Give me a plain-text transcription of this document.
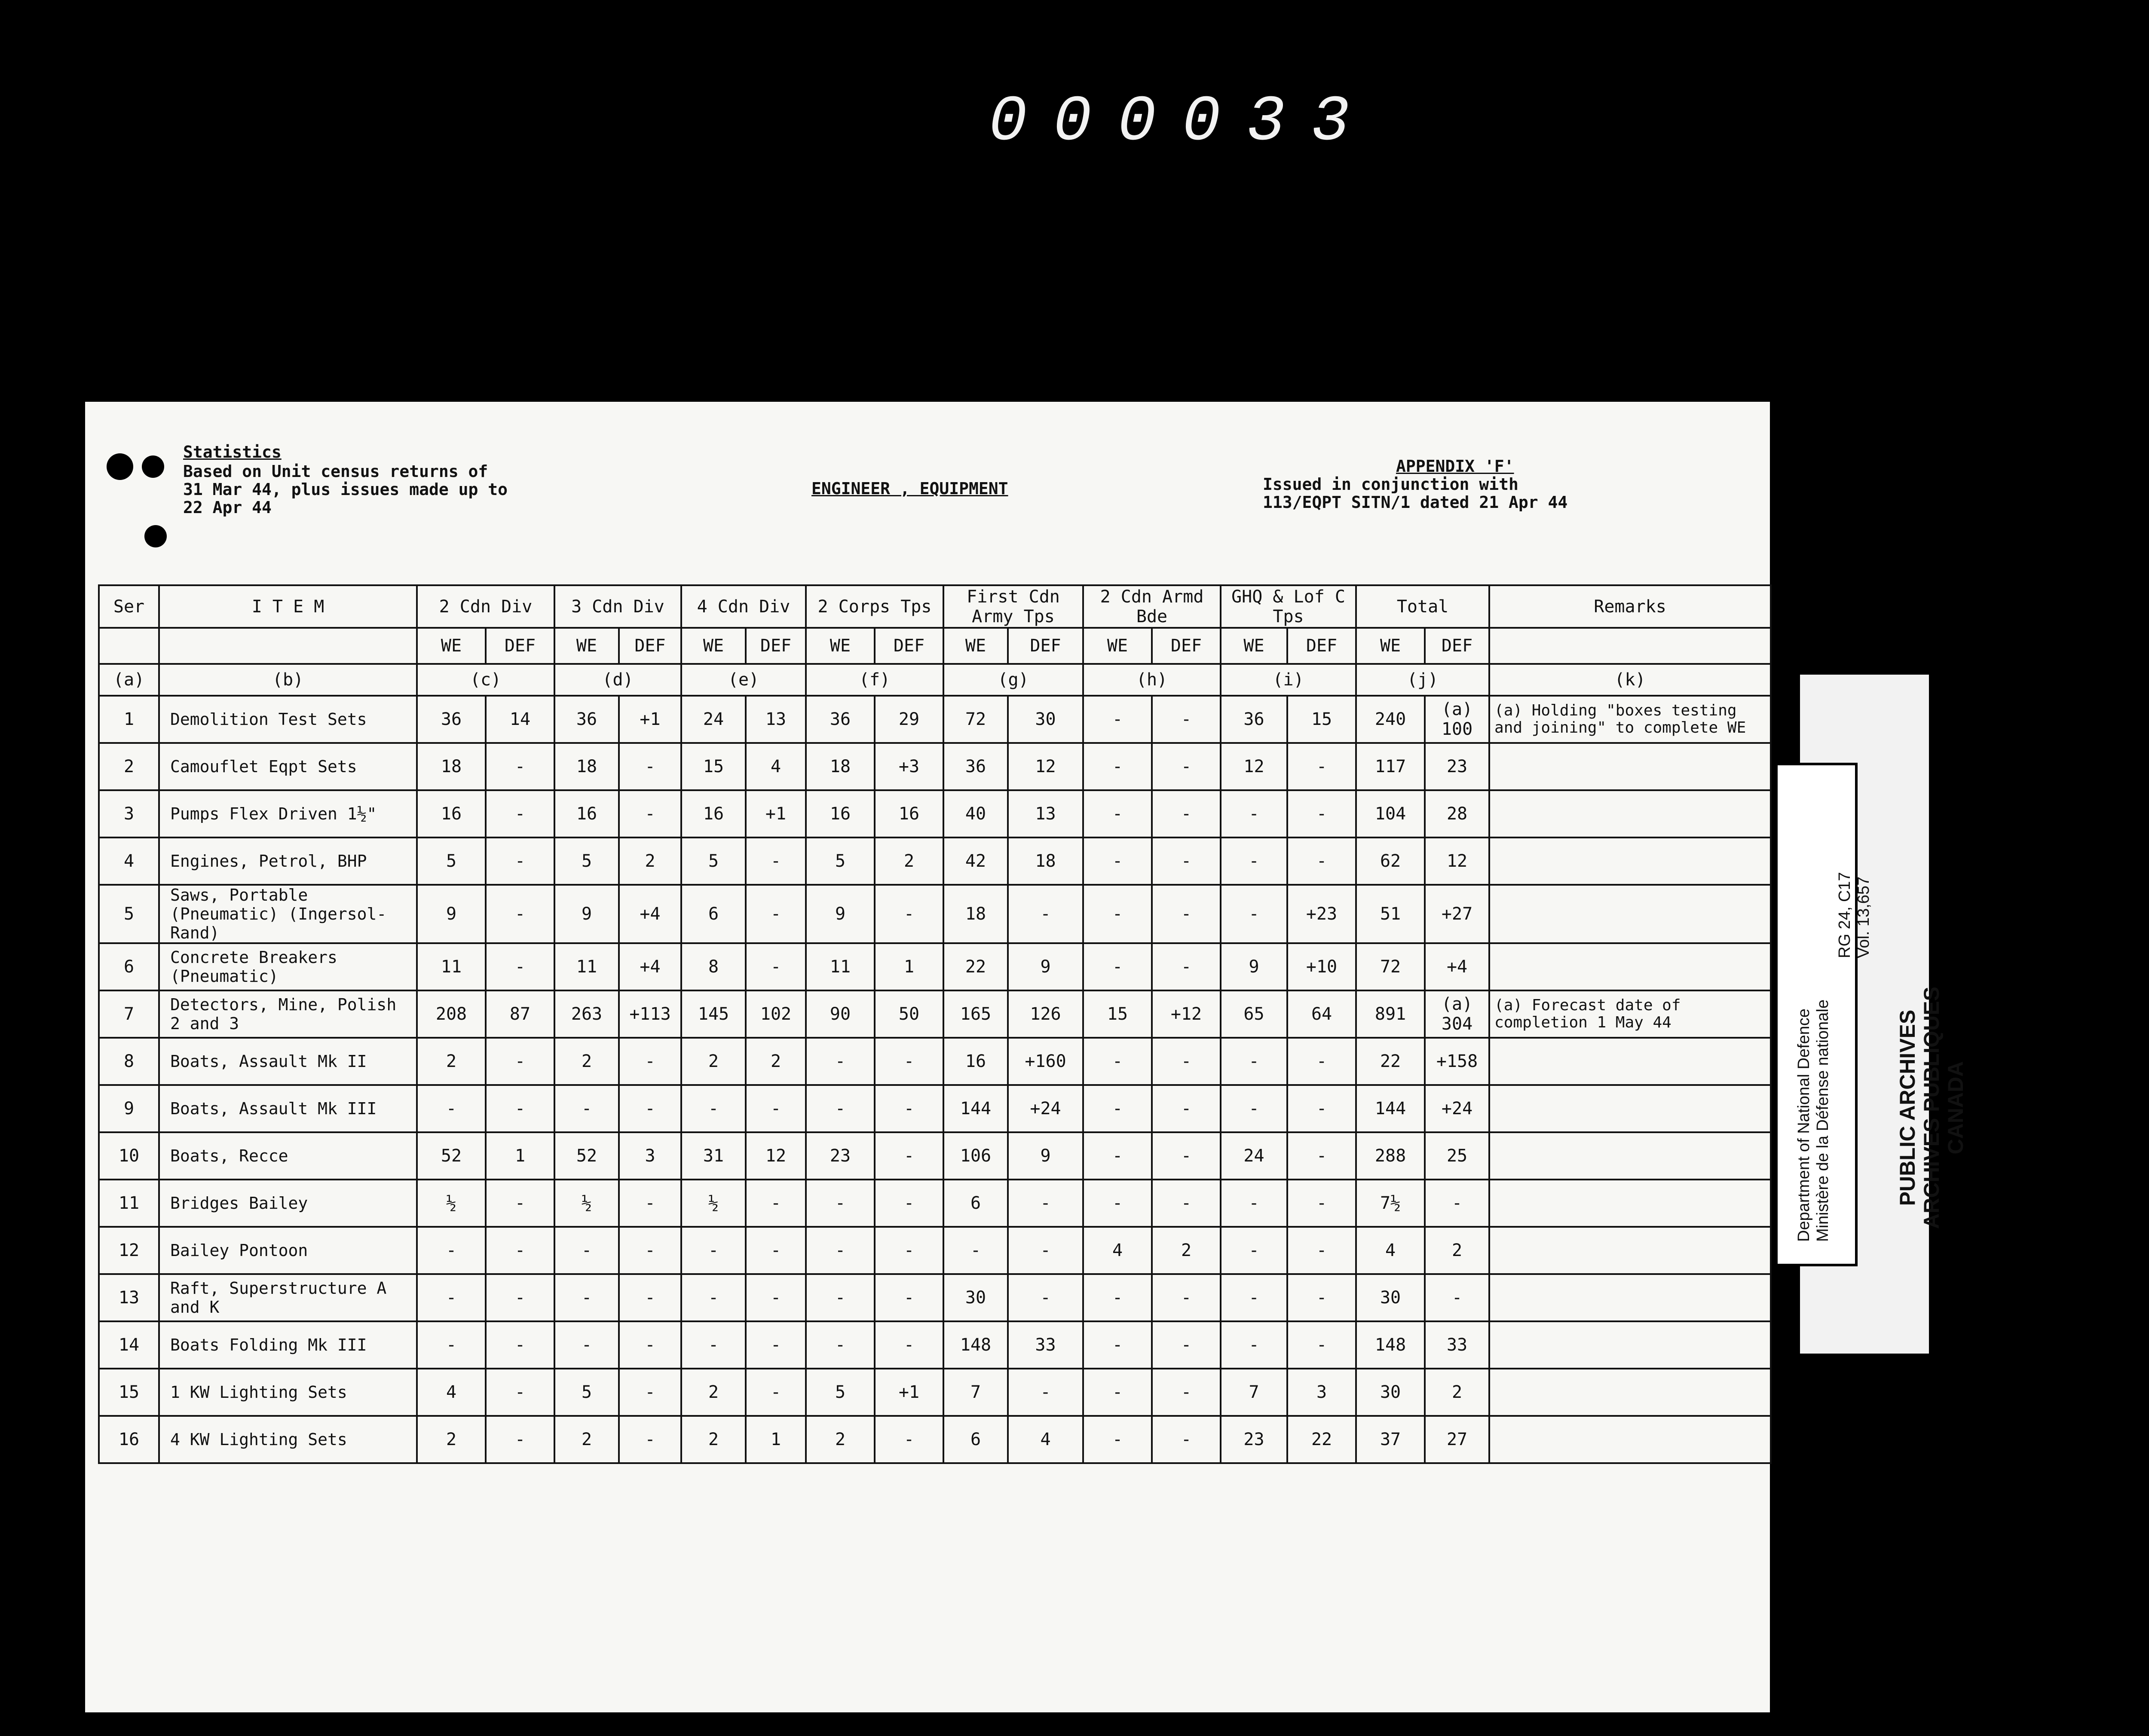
000033
Statistics
Based on Unit census returns of
31 Mar 44, plus issues made up to
22 Apr 44
ENGINEER , EQUIPMENT
APPENDIX 'F'
Issued in conjunction with
113/EQPT SITN/1 dated 21 Apr 44
Ser	I T E M	2 Cdn Div		3 Cdn Div		4 Cdn Div		2 Corps Tps		First Cdn Army Tps		2 Cdn Armd Bde		GHQ & Lof C Tps		Total		Remarks
		WE	DEF	WE	DEF	WE	DEF	WE	DEF	WE	DEF	WE	DEF	WE	DEF	WE	DEF	
(a)	(b)	(c)		(d)		(e)		(f)		(g)		(h)		(i)		(j)		(k)
1	Demolition Test Sets	36	14	36	+1	24	13	36	29	72	30	-	-	36	15	240	(a) 100	(a) Holding "boxes testing and joining" to complete WE
2	Camouflet Eqpt Sets	18	-	18	-	15	4	18	+3	36	12	-	-	12	-	117	23	
3	Pumps Flex Driven 1½"	16	-	16	-	16	+1	16	16	40	13	-	-	-	-	104	28	
4	Engines, Petrol, BHP	5	-	5	2	5	-	5	2	42	18	-	-	-	-	62	12	
5	Saws, Portable (Pneumatic) (Ingersol-Rand)	9	-	9	+4	6	-	9	-	18	-	-	-	-	+23	51	+27	
6	Concrete Breakers (Pneumatic)	11	-	11	+4	8	-	11	1	22	9	-	-	9	+10	72	+4	
7	Detectors, Mine, Polish 2 and 3	208	87	263	+113	145	102	90	50	165	126	15	+12	65	64	891	(a) 304	(a) Forecast date of completion 1 May 44
8	Boats, Assault Mk II	2	-	2	-	2	2	-	-	16	+160	-	-	-	-	22	+158	
9	Boats, Assault Mk III	-	-	-	-	-	-	-	-	144	+24	-	-	-	-	144	+24	
10	Boats, Recce	52	1	52	3	31	12	23	-	106	9	-	-	24	-	288	25	
11	Bridges Bailey	½	-	½	-	½	-	-	-	6	-	-	-	-	-	7½	-	
12	Bailey Pontoon	-	-	-	-	-	-	-	-	-	-	4	2	-	-	4	2	
13	Raft, Superstructure A and K	-	-	-	-	-	-	-	-	30	-	-	-	-	-	30	-	
14	Boats Folding Mk III	-	-	-	-	-	-	-	-	148	33	-	-	-	-	148	33	
15	1 KW Lighting Sets	4	-	5	-	2	-	5	+1	7	-	-	-	7	3	30	2	
16	4 KW Lighting Sets	2	-	2	-	2	1	2	-	6	4	-	-	23	22	37	27	
PUBLIC ARCHIVES ARCHIVES PUBLIQUES CANADA
Department of National Defence Ministère de la Défense nationale
RG 24, C17 Vol. 13,657
